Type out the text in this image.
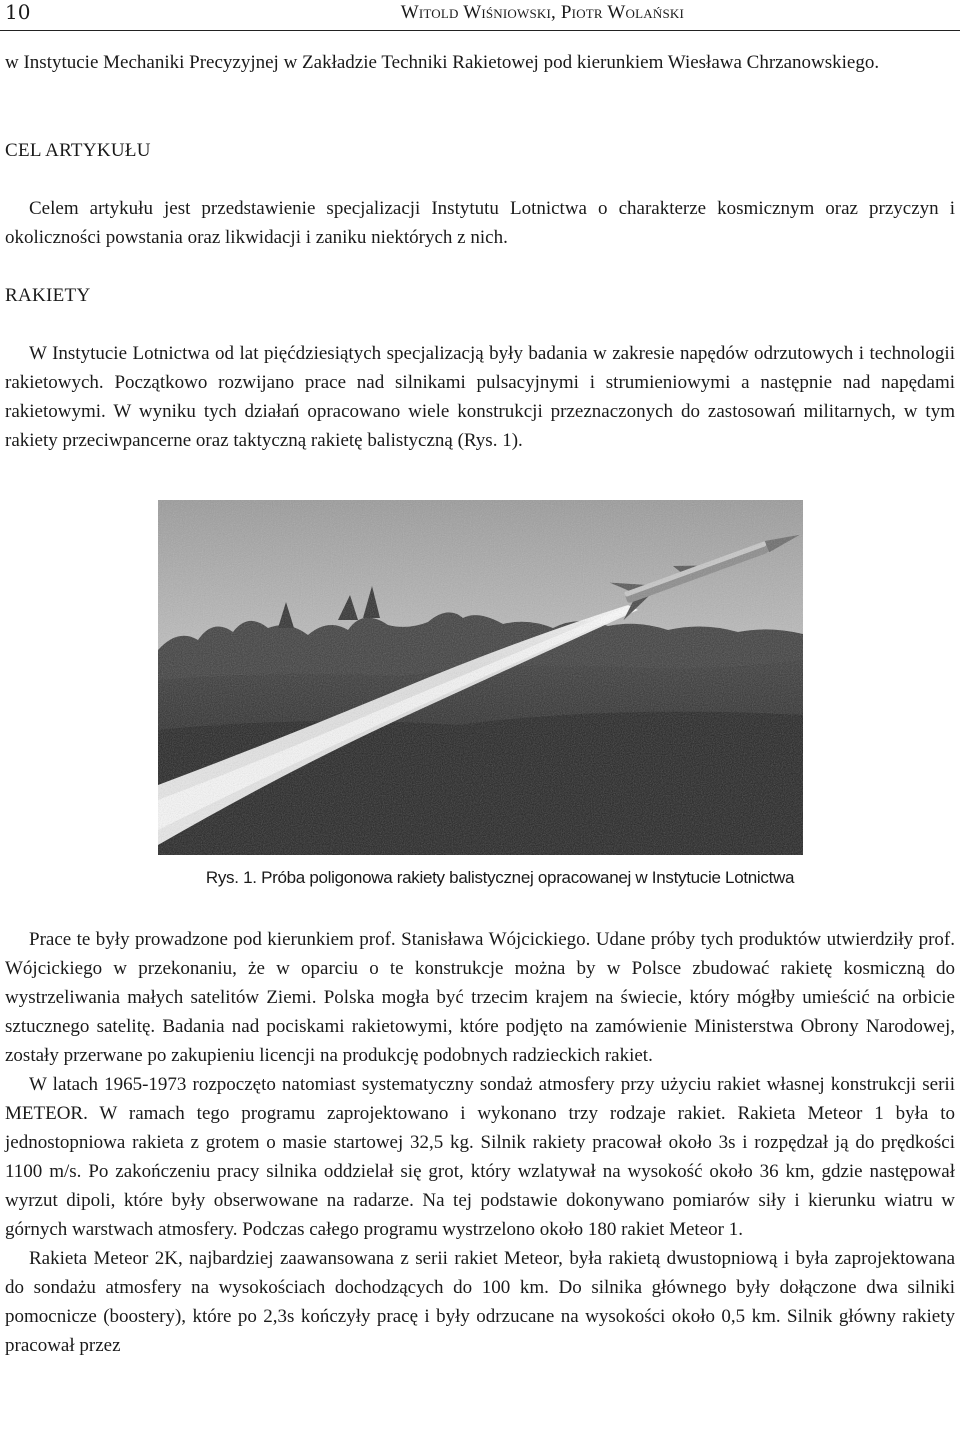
10	Witold Wiśniowski, Piotr Wolański

w Instytucie Mechaniki Precyzyjnej w Zakładzie Techniki Rakietowej pod kierunkiem Wiesława Chrzanowskiego.

CEL ARTYKUŁU

Celem artykułu jest przedstawienie specjalizacji Instytutu Lotnictwa o charakterze kosmicznym oraz przyczyn i okoliczności powstania oraz likwidacji i zaniku niektórych z nich.

RAKIETY

W Instytucie Lotnictwa od lat pięćdziesiątych specjalizacją były badania w zakresie napędów odrzutowych i technologii rakietowych. Początkowo rozwijano prace nad silnikami pulsacyjnymi i strumieniowymi a następnie nad napędami rakietowymi. W wyniku tych działań opracowano wiele konstrukcji przeznaczonych do zastosowań militarnych, w tym rakiety przeciwpancerne oraz taktyczną rakietę balistyczną (Rys. 1).

Rys. 1. Próba poligonowa rakiety balistycznej opracowanej w Instytucie Lotnictwa

Prace te były prowadzone pod kierunkiem prof. Stanisława Wójcickiego. Udane próby tych produktów utwierdziły prof. Wójcickiego w przekonaniu, że w oparciu o te konstrukcje można by w Polsce zbudować rakietę kosmiczną do wystrzeliwania małych satelitów Ziemi. Polska mogła być trzecim krajem na świecie, który mógłby umieścić na orbicie sztucznego satelitę. Badania nad pociskami rakietowymi, które podjęto na zamówienie Ministerstwa Obrony Narodowej, zostały przerwane po zakupieniu licencji na produkcję podobnych radzieckich rakiet.

W latach 1965-1973 rozpoczęto natomiast systematyczny sondaż atmosfery przy użyciu rakiet własnej konstrukcji serii METEOR. W ramach tego programu zaprojektowano i wykonano trzy rodzaje rakiet. Rakieta Meteor 1 była to jednostopniowa rakieta z grotem o masie startowej 32,5 kg. Silnik rakiety pracował około 3s i rozpędzał ją do prędkości 1100 m/s. Po zakończeniu pracy silnika oddzielał się grot, który wzlatywał na wysokość około 36 km, gdzie następował wyrzut dipoli, które były obserwowane na radarze. Na tej podstawie dokonywano pomiarów siły i kierunku wiatru w górnych warstwach atmosfery. Podczas całego programu wystrzelono około 180 rakiet Meteor 1.

Rakieta Meteor 2K, najbardziej zaawansowana z serii rakiet Meteor, była rakietą dwustopniową i była zaprojektowana do sondażu atmosfery na wysokościach dochodzących do 100 km. Do silnika głównego były dołączone dwa silniki pomocnicze (boostery), które po 2,3s kończyły pracę i były odrzucane na wysokości około 0,5 km. Silnik główny rakiety pracował przez
